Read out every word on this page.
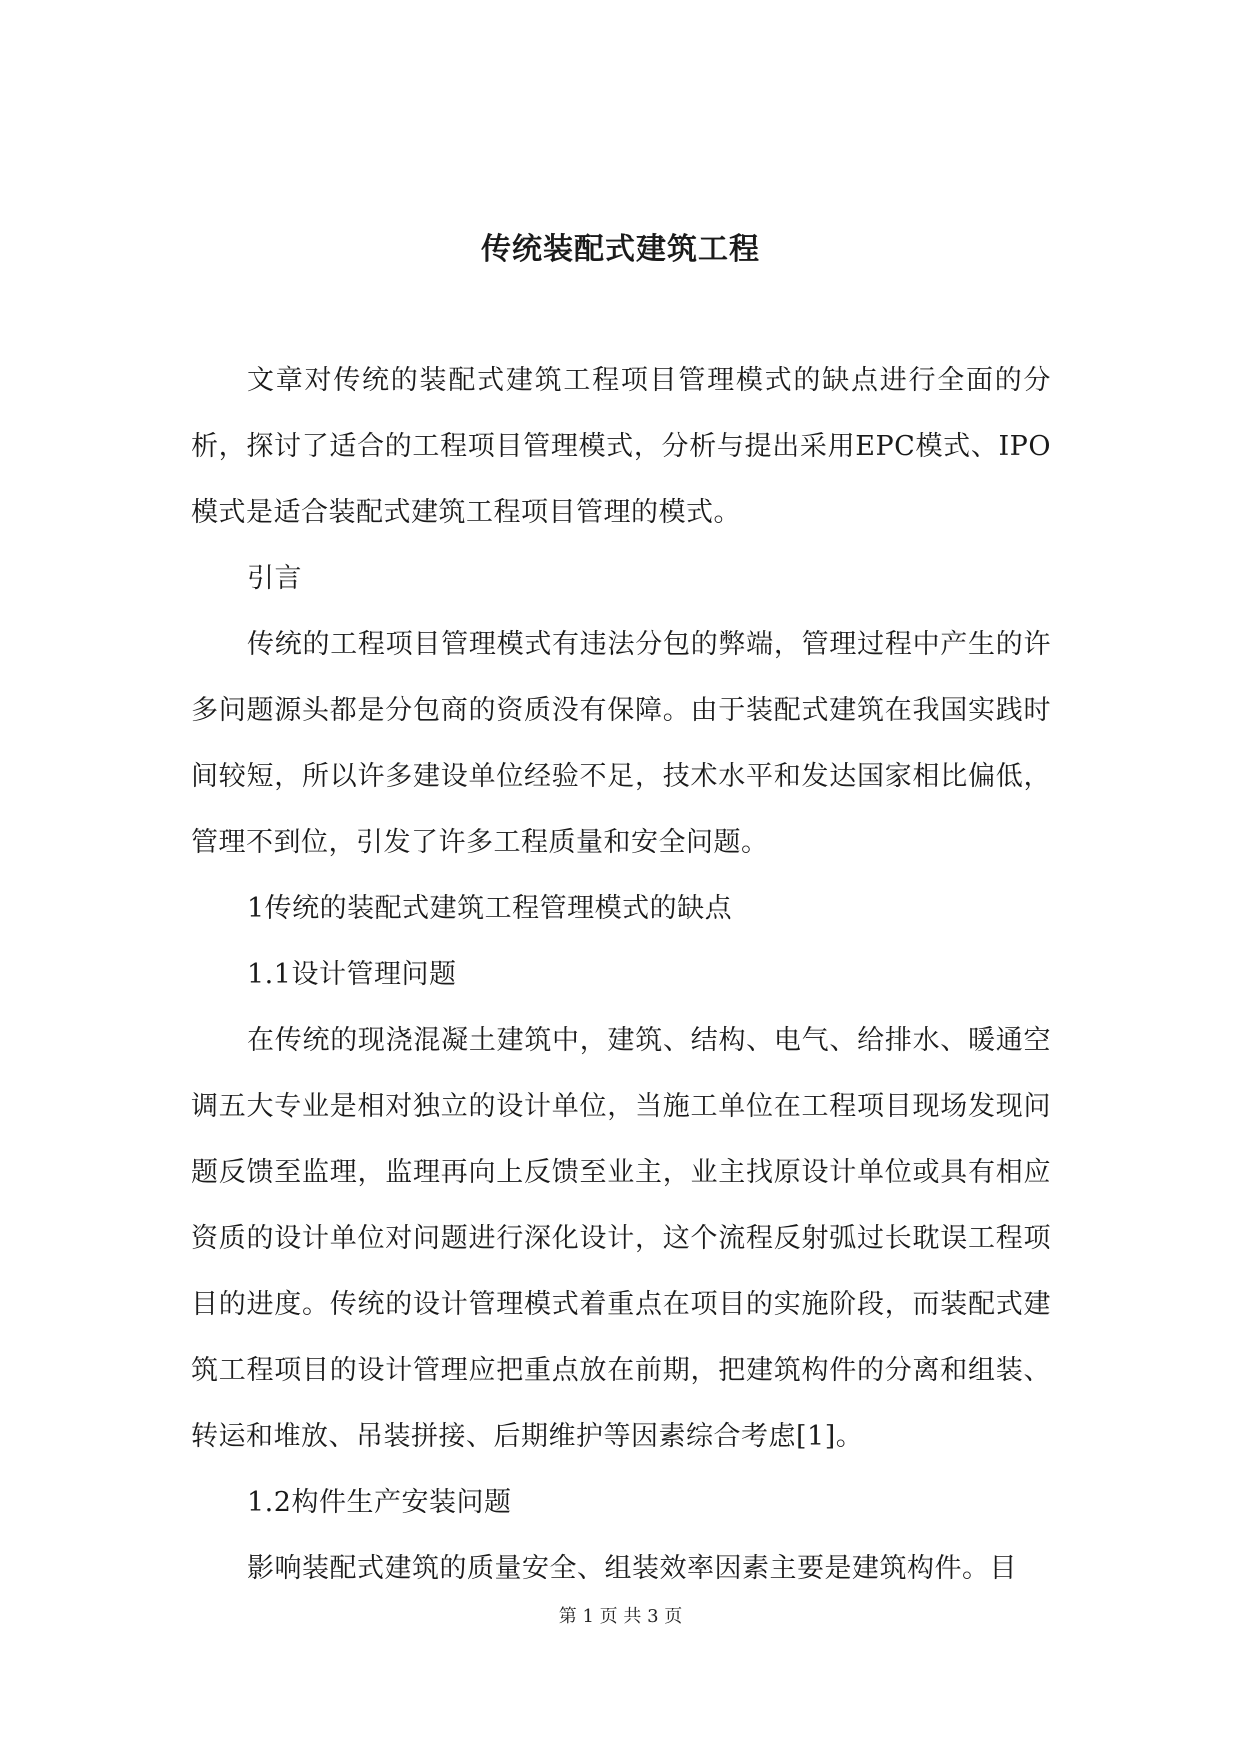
传统装配式建筑工程

文章对传统的装配式建筑工程项目管理模式的缺点进行全面的分析，探讨了适合的工程项目管理模式，分析与提出采用EPC模式、IPO模式是适合装配式建筑工程项目管理的模式。

引言

传统的工程项目管理模式有违法分包的弊端，管理过程中产生的许多问题源头都是分包商的资质没有保障。由于装配式建筑在我国实践时间较短，所以许多建设单位经验不足，技术水平和发达国家相比偏低，管理不到位，引发了许多工程质量和安全问题。

1传统的装配式建筑工程管理模式的缺点

1.1设计管理问题

在传统的现浇混凝土建筑中，建筑、结构、电气、给排水、暖通空调五大专业是相对独立的设计单位，当施工单位在工程项目现场发现问题反馈至监理，监理再向上反馈至业主，业主找原设计单位或具有相应资质的设计单位对问题进行深化设计，这个流程反射弧过长耽误工程项目的进度。传统的设计管理模式着重点在项目的实施阶段，而装配式建筑工程项目的设计管理应把重点放在前期，把建筑构件的分离和组装、转运和堆放、吊装拼接、后期维护等因素综合考虑[1]。

1.2构件生产安装问题

影响装配式建筑的质量安全、组装效率因素主要是建筑构件。目

第 1 页 共 3 页
